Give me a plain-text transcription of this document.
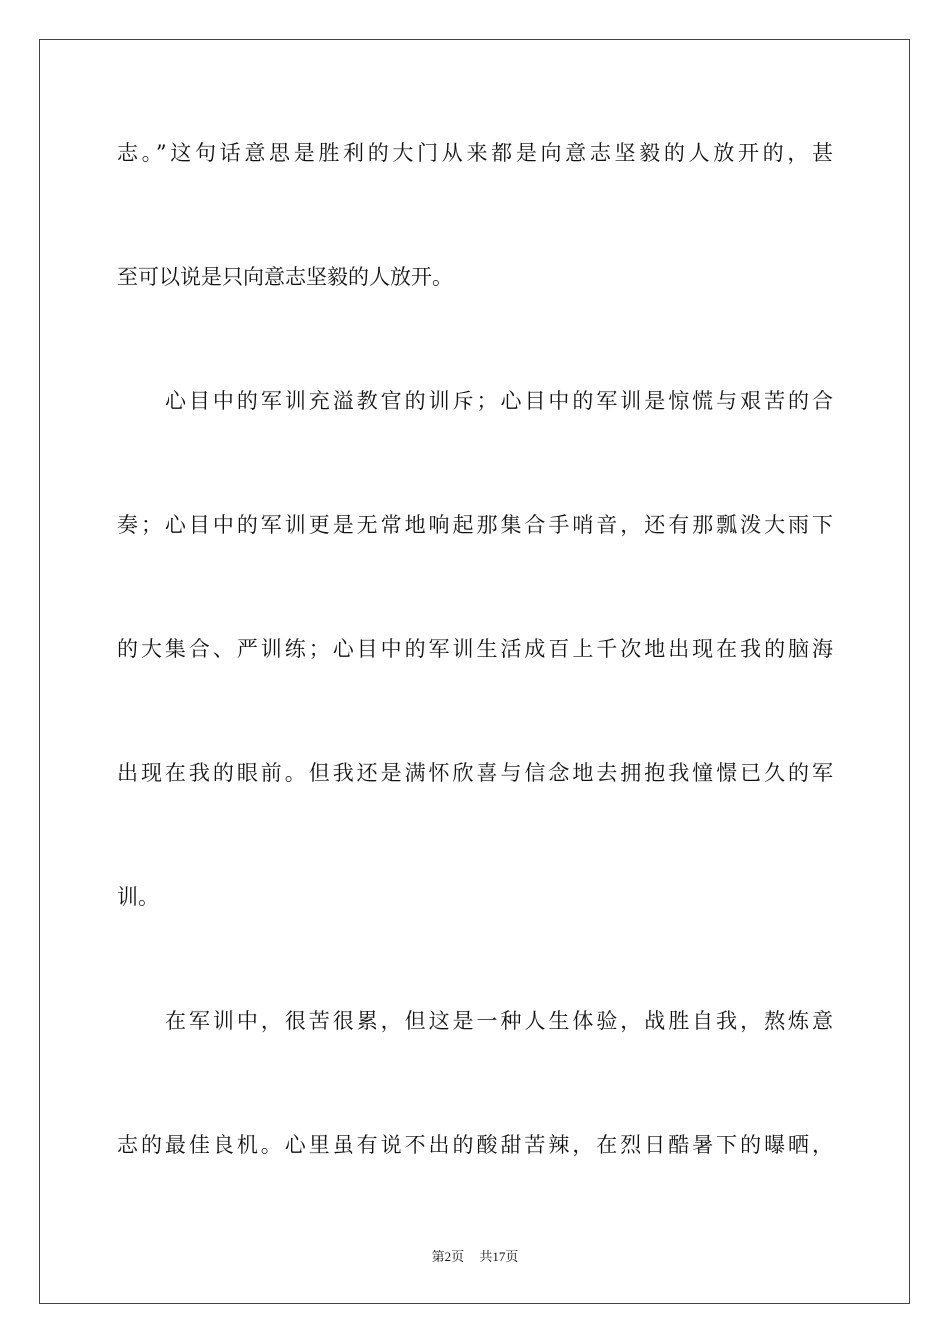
志。”这句话意思是胜利的大门从来都是向意志坚毅的人放开的，甚
至可以说是只向意志坚毅的人放开。
心目中的军训充溢教官的训斥；心目中的军训是惊慌与艰苦的合
奏；心目中的军训更是无常地响起那集合手哨音，还有那瓢泼大雨下
的大集合、严训练；心目中的军训生活成百上千次地出现在我的脑海
出现在我的眼前。但我还是满怀欣喜与信念地去拥抱我憧憬已久的军
训。
在军训中，很苦很累，但这是一种人生体验，战胜自我，熬炼意
志的最佳良机。心里虽有说不出的酸甜苦辣，在烈日酷暑下的曝晒，
第2页 共17页
